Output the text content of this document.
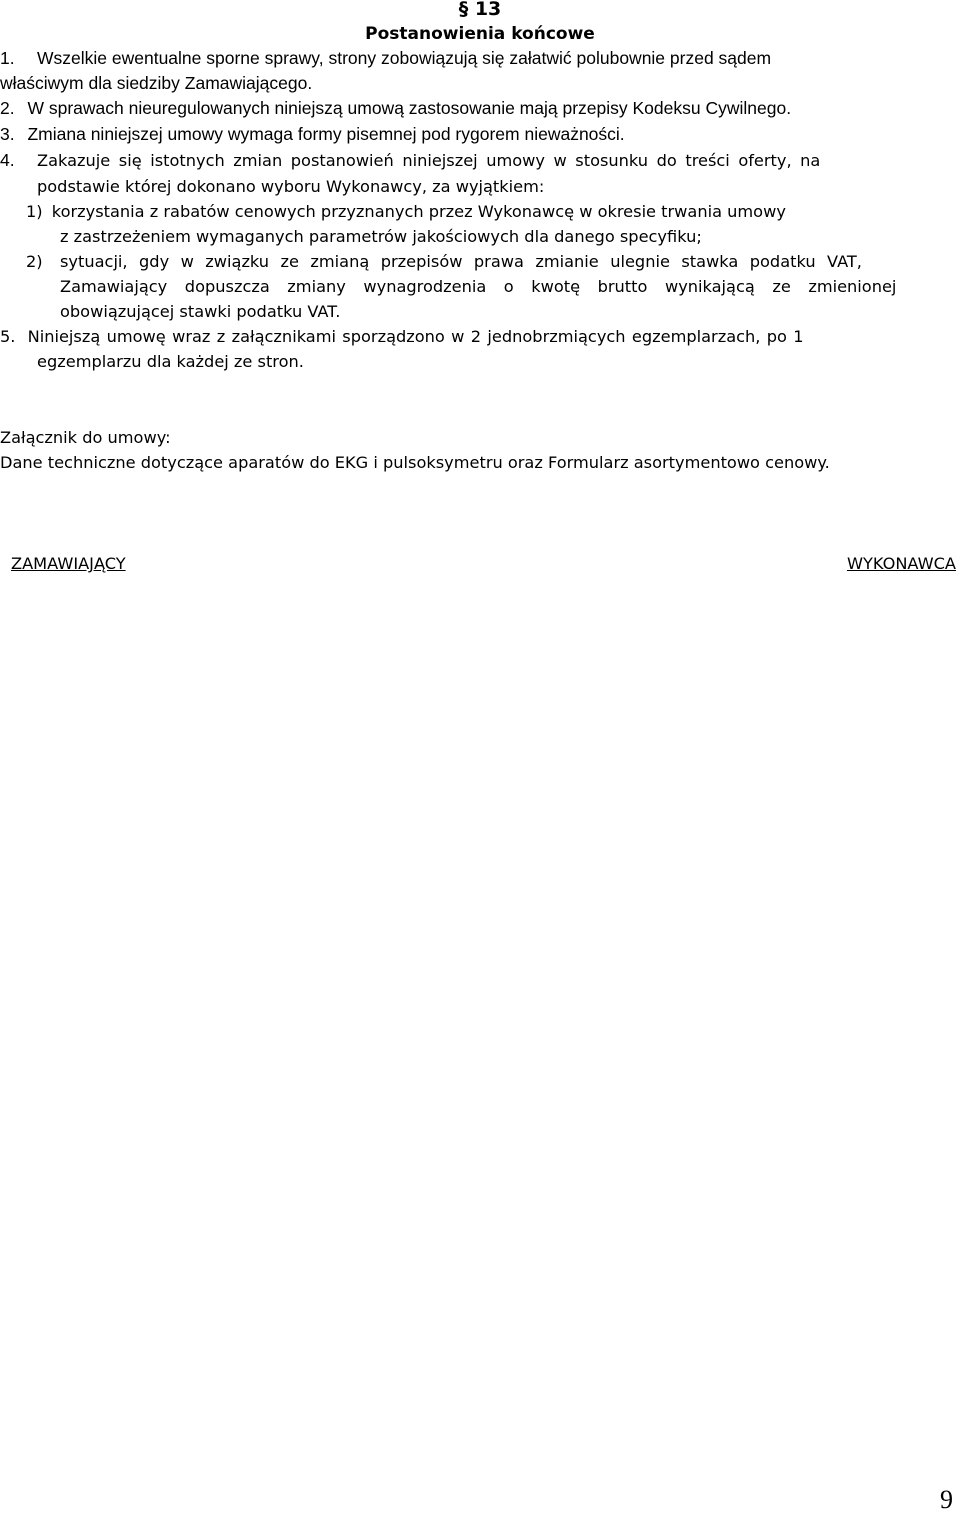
§ 13
Postanowienia końcowe
1. Wszelkie ewentualne sporne sprawy, strony zobowiązują się załatwić polubownie przed sądem
właściwym dla siedziby Zamawiającego.
2. W sprawach nieuregulowanych niniejszą umową zastosowanie mają przepisy Kodeksu Cywilnego.
3. Zmiana niniejszej umowy wymaga formy pisemnej pod rygorem nieważności.
4. Zakazuje się istotnych zmian postanowień niniejszej umowy w stosunku do treści oferty, na
podstawie której dokonano wyboru Wykonawcy, za wyjątkiem:
1) korzystania z rabatów cenowych przyznanych przez Wykonawcę w okresie trwania umowy
z zastrzeżeniem wymaganych parametrów jakościowych dla danego specyfiku;
2) sytuacji, gdy w związku ze zmianą przepisów prawa zmianie ulegnie stawka podatku VAT,
Zamawiający dopuszcza zmiany wynagrodzenia o kwotę brutto wynikającą ze zmienionej
obowiązującej stawki podatku VAT.
5. Niniejszą umowę wraz z załącznikami sporządzono w 2 jednobrzmiących egzemplarzach, po 1
egzemplarzu dla każdej ze stron.
Załącznik do umowy:
Dane techniczne dotyczące aparatów do EKG i pulsoksymetru oraz Formularz asortymentowo cenowy.
ZAMAWIAJĄCY	WYKONAWCA
9
